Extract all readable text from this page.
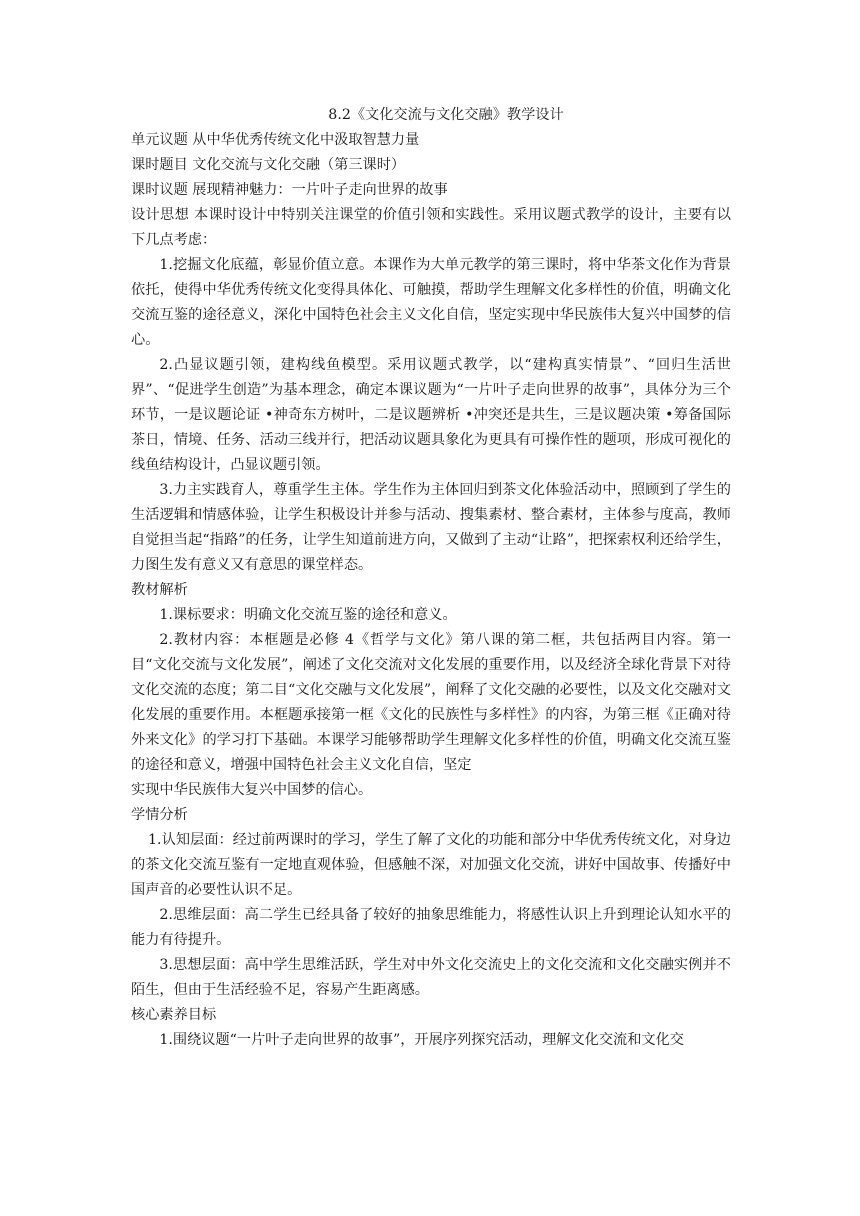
8.2《文化交流与文化交融》教学设计

单元议题 从中华优秀传统文化中汲取智慧力量

课时题目 文化交流与文化交融（第三课时）

课时议题 展现精神魅力：一片叶子走向世界的故事

设计思想 本课时设计中特别关注课堂的价值引领和实践性。采用议题式教学的设计，主要有以下几点考虑：

1.挖掘文化底蕴，彰显价值立意。本课作为大单元教学的第三课时，将中华茶文化作为背景依托，使得中华优秀传统文化变得具体化、可触摸，帮助学生理解文化多样性的价值，明确文化交流互鉴的途径意义，深化中国特色社会主义文化自信，坚定实现中华民族伟大复兴中国梦的信心。

2.凸显议题引领，建构线鱼模型。采用议题式教学，以“建构真实情景”、“回归生活世界”、“促进学生创造”为基本理念，确定本课议题为“一片叶子走向世界的故事”，具体分为三个环节，一是议题论证 •神奇东方树叶，二是议题辨析 •冲突还是共生，三是议题决策 •筹备国际茶日，情境、任务、活动三线并行，把活动议题具象化为更具有可操作性的题项，形成可视化的线鱼结构设计，凸显议题引领。

3.力主实践育人，尊重学生主体。学生作为主体回归到茶文化体验活动中，照顾到了学生的生活逻辑和情感体验，让学生积极设计并参与活动、搜集素材、整合素材，主体参与度高，教师自觉担当起“指路”的任务，让学生知道前进方向，又做到了主动“让路”，把探索权利还给学生，力图生发有意义又有意思的课堂样态。

教材解析

1.课标要求：明确文化交流互鉴的途径和意义。

2.教材内容：本框题是必修 4《哲学与文化》第八课的第二框，共包括两目内容。第一目“文化交流与文化发展”，阐述了文化交流对文化发展的重要作用，以及经济全球化背景下对待文化交流的态度；第二目“文化交融与文化发展”，阐释了文化交融的必要性，以及文化交融对文化发展的重要作用。本框题承接第一框《文化的民族性与多样性》的内容，为第三框《正确对待外来文化》的学习打下基础。本课学习能够帮助学生理解文化多样性的价值，明确文化交流互鉴的途径和意义，增强中国特色社会主义文化自信，坚定

实现中华民族伟大复兴中国梦的信心。

学情分析

1.认知层面：经过前两课时的学习，学生了解了文化的功能和部分中华优秀传统文化，对身边的茶文化交流互鉴有一定地直观体验，但感触不深，对加强文化交流，讲好中国故事、传播好中国声音的必要性认识不足。

2.思维层面：高二学生已经具备了较好的抽象思维能力，将感性认识上升到理论认知水平的能力有待提升。

3.思想层面：高中学生思维活跃，学生对中外文化交流史上的文化交流和文化交融实例并不陌生，但由于生活经验不足，容易产生距离感。

核心素养目标

1.围绕议题“一片叶子走向世界的故事”，开展序列探究活动，理解文化交流和文化交
